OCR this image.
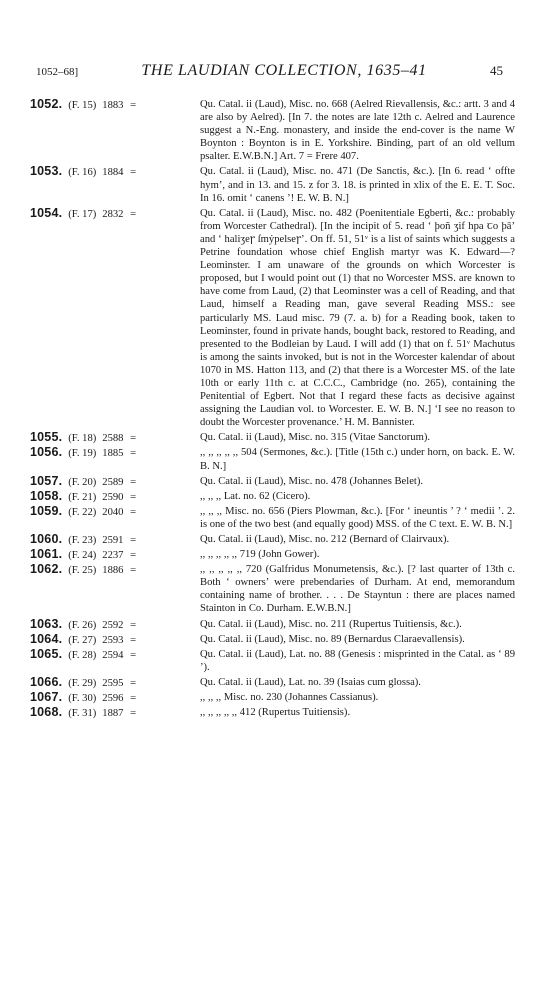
1052–68]	THE LAUDIAN COLLECTION, 1635–41	45
1052. (F. 15) 1883 =	Qu. Catal. ii (Laud), Misc. no. 668 (Aelred Rievallensis, &c.: artt. 3 and 4 are also by Aelred). [In 7. the notes are late 12th c. Aelred and Laurence suggest a N.-Eng. monastery, and inside the end-cover is the name W Boynton : Boynton is in E. Yorkshire. Binding, part of an old vellum psalter. E.W.B.N.] Art. 7 = Frere 407.
1053. (F. 16) 1884 =	Qu. Catal. ii (Laud), Misc. no. 471 (De Sanctis, &c.). [In 6. read ‘ offte hym’, and in 13. and 15. z for 3. 18. is printed in xlix of the E. E. T. Soc. In 16. omit ‘ canens ’! E. W. B. N.]
1054. (F. 17) 2832 =	Qu. Catal. ii (Laud), Misc. no. 482 (Poenitentiale Egberti, &c.: probably from Worcester Cathedral). [In the incipit of 5. read ‘ þoñ ʒif hpa ꞇo þā’ and ‘ haliʒeꞅ ſmẏpelseꞅ’. On ff. 51, 51ᵛ is a list of saints which suggests a Petrine foundation whose chief English martyr was K. Edward—? Leominster. I am unaware of the grounds on which Worcester is proposed, but I would point out (1) that no Worcester MSS. are known to have come from Laud, (2) that Leominster was a cell of Reading, and that Laud, himself a Reading man, gave several Reading MSS.: see particularly MS. Laud misc. 79 (7. a. b) for a Reading book, taken to Leominster, found in private hands, bought back, restored to Reading, and presented to the Bodleian by Laud. I will add (1) that on f. 51ᵛ Machutus is among the saints invoked, but is not in the Worcester kalendar of about 1070 in MS. Hatton 113, and (2) that there is a Worcester MS. of the late 10th or early 11th c. at C.C.C., Cambridge (no. 265), containing the Penitential of Egbert. Not that I regard these facts as decisive against assigning the Laudian vol. to Worcester. E. W. B. N.] ‘I see no reason to doubt the Worcester provenance.’ H. M. Bannister.
1055. (F. 18) 2588 =	Qu. Catal. ii (Laud), Misc. no. 315 (Vitae Sanctorum).
1056. (F. 19) 1885 =	,, ,, ,, ,, ,, 504 (Sermones, &c.). [Title (15th c.) under horn, on back. E. W. B. N.]
1057. (F. 20) 2589 =	Qu. Catal. ii (Laud), Misc. no. 478 (Johannes Belet).
1058. (F. 21) 2590 =	,, ,, ,, Lat. no. 62 (Cicero).
1059. (F. 22) 2040 =	,, ,, ,, Misc. no. 656 (Piers Plowman, &c.). [For ‘ ineuntis ’ ? ‘ medii ’. 2. is one of the two best (and equally good) MSS. of the C text. E. W. B. N.]
1060. (F. 23) 2591 =	Qu. Catal. ii (Laud), Misc. no. 212 (Bernard of Clairvaux).
1061. (F. 24) 2237 =	,, ,, ,, ,, ,, 719 (John Gower).
1062. (F. 25) 1886 =	,, ,, ,, ,, ,, 720 (Galfridus Monumetensis, &c.). [? last quarter of 13th c. Both ‘ owners’ were prebendaries of Durham. At end, memorandum containing name of brother. . . . De Stayntun : there are places named Stainton in Co. Durham. E.W.B.N.]
1063. (F. 26) 2592 =	Qu. Catal. ii (Laud), Misc. no. 211 (Rupertus Tuitiensis, &c.).
1064. (F. 27) 2593 =	Qu. Catal. ii (Laud), Misc. no. 89 (Bernardus Claraevallensis).
1065. (F. 28) 2594 =	Qu. Catal. ii (Laud), Lat. no. 88 (Genesis : misprinted in the Catal. as ‘ 89 ’).
1066. (F. 29) 2595 =	Qu. Catal. ii (Laud), Lat. no. 39 (Isaias cum glossa).
1067. (F. 30) 2596 =	,, ,, ,, Misc. no. 230 (Johannes Cassianus).
1068. (F. 31) 1887 =	,, ,, ,, ,, ,, 412 (Rupertus Tuitiensis).
